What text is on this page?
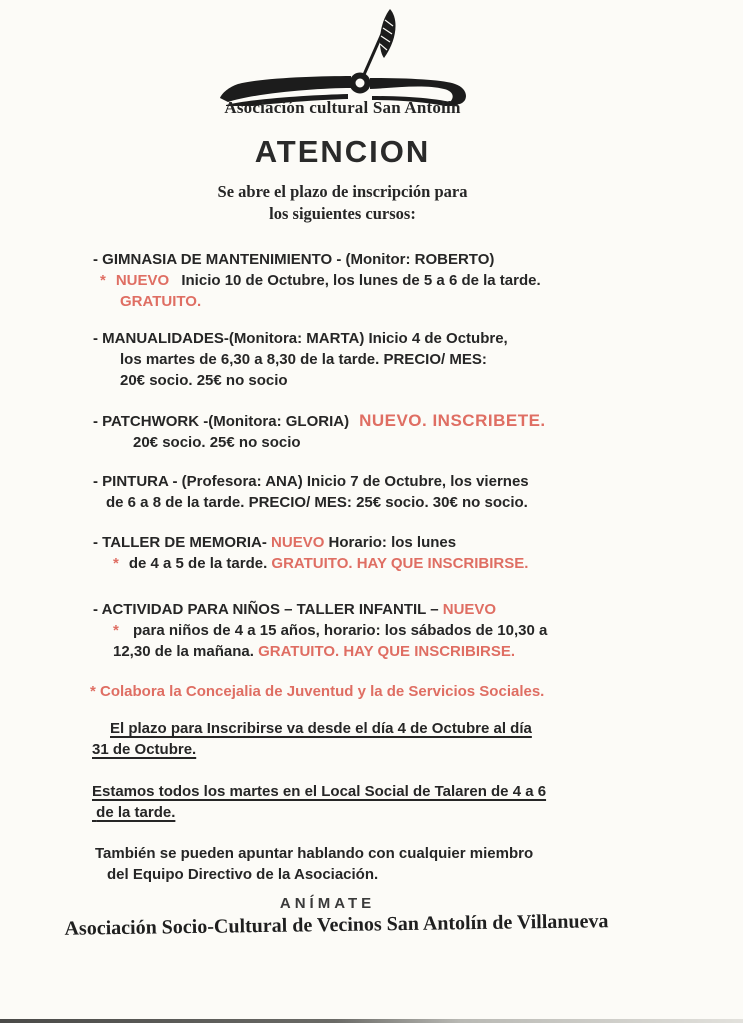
Asociación cultural San Antolín
ATENCION

Se abre el plazo de inscripción para
los siguientes cursos:

- GIMNASIA DE MANTENIMIENTO - (Monitor: ROBERTO)
* NUEVO Inicio 10 de Octubre, los lunes de 5 a 6 de la tarde.
GRATUITO.
- MANUALIDADES-(Monitora: MARTA) Inicio 4 de Octubre,
los martes de 6,30 a 8,30 de la tarde. PRECIO/ MES:
20€ socio. 25€ no socio
- PATCHWORK -(Monitora: GLORIA) NUEVO. INSCRIBETE.
20€ socio. 25€ no socio
- PINTURA - (Profesora: ANA) Inicio 7 de Octubre, los viernes
de 6 a 8 de la tarde. PRECIO/ MES: 25€ socio. 30€ no socio.
- TALLER DE MEMORIA- NUEVO Horario: los lunes
* de 4 a 5 de la tarde. GRATUITO. HAY QUE INSCRIBIRSE.
- ACTIVIDAD PARA NIÑOS – TALLER INFANTIL – NUEVO
* para niños de 4 a 15 años, horario: los sábados de 10,30 a
12,30 de la mañana. GRATUITO. HAY QUE INSCRIBIRSE.
* Colabora la Concejalia de Juventud y la de Servicios Sociales.
El plazo para Inscribirse va desde el día 4 de Octubre al día
31 de Octubre.
Estamos todos los martes en el Local Social de Talaren de 4 a 6
de la tarde.
También se pueden apuntar hablando con cualquier miembro
del Equipo Directivo de la Asociación.
ANÍMATE
Asociación Socio-Cultural de Vecinos San Antolín de Villanueva
